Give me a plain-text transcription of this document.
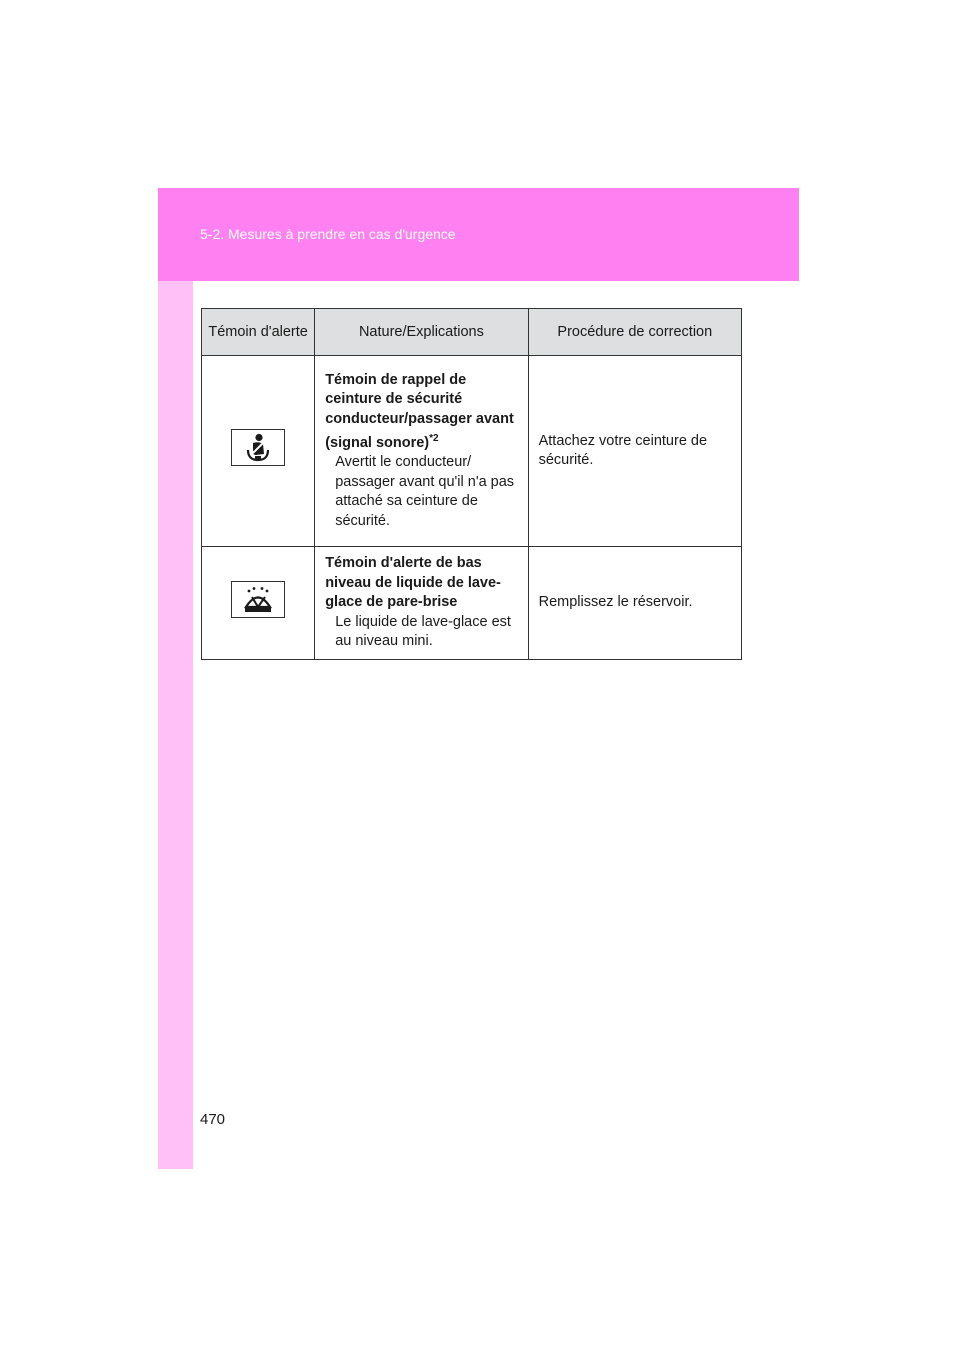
5-2. Mesures à prendre en cas d'urgence
Témoin d'alerte	Nature/Explications	Procédure de correction

Témoin de rappel de ceinture de sécurité conducteur/passager avant (signal sonore)$^{*2}$
Avertit le conducteur/ passager avant qu'il n'a pas attaché sa ceinture de sécurité.	Attachez votre ceinture de sécurité.

Témoin d'alerte de bas niveau de liquide de lave-glace de pare-brise
Le liquide de lave-glace est au niveau mini.	Remplissez le réservoir.
470
